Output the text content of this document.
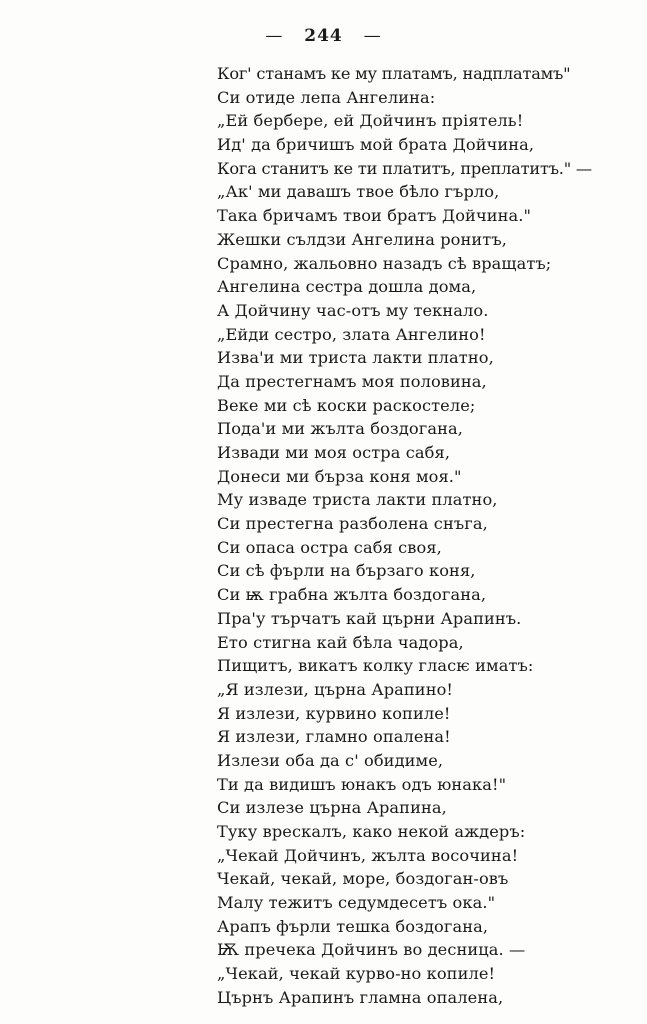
— 244 —
Ког' станамъ ке му платамъ, надплатамъ"
Си отиде лепа Ангелина:
„Ей берберe, ей Дойчинъ пріятель!
Ид' да бричишъ мой брата Дойчина,
Кога станитъ ке ти платитъ, преплатитъ." —
„Ак' ми давашъ твое бѣло гърло,
Така бричамъ твои братъ Дойчина."
Жешки сълдзи Ангелина ронитъ,
Срамно, жальовно назадъ сѣ вращатъ;
Ангелина сестра дошла дома,
А Дойчину час-отъ му текнало.
„Ейди сестро, злата Ангелино!
Изва'и ми триста лакти платно,
Да престегнамъ моя половина,
Веке ми сѣ коски раскостеле;
Пода'и ми жълта боздогана,
Извади ми моя остра сабя,
Донеси ми бързa коня моя."
Му изваде триста лакти платно,
Си престегна разболена снъга,
Си опаса остра сабя своя,
Си сѣ фърли на бързаго коня,
Си ѭ грабна жълта боздогана,
Пра'у търчатъ кай църни Арапинъ.
Ето стигна кай бѣла чадора,
Пищитъ, викатъ колку гласѥ иматъ:
„Я излези, църна Арапино!
Я излези, курвино копиле!
Я излези, гламно опалена!
Излези оба да с' обидиме,
Ти да видишъ юнакъ одъ юнака!"
Си излезе църна Арапина,
Туку врескалъ, како некой аждеръ:
„Чекай Дойчинъ, жълта восочина!
Чекай, чекай, море, боздоган-овъ
Малу тежитъ седумдесетъ ока."
Арапъ фърли тешка боздогана,
Ѭ пречека Дойчинъ во десница. —
„Чекай, чекай курво-но копиле!
Църнъ Арапинъ гламна опалена,
